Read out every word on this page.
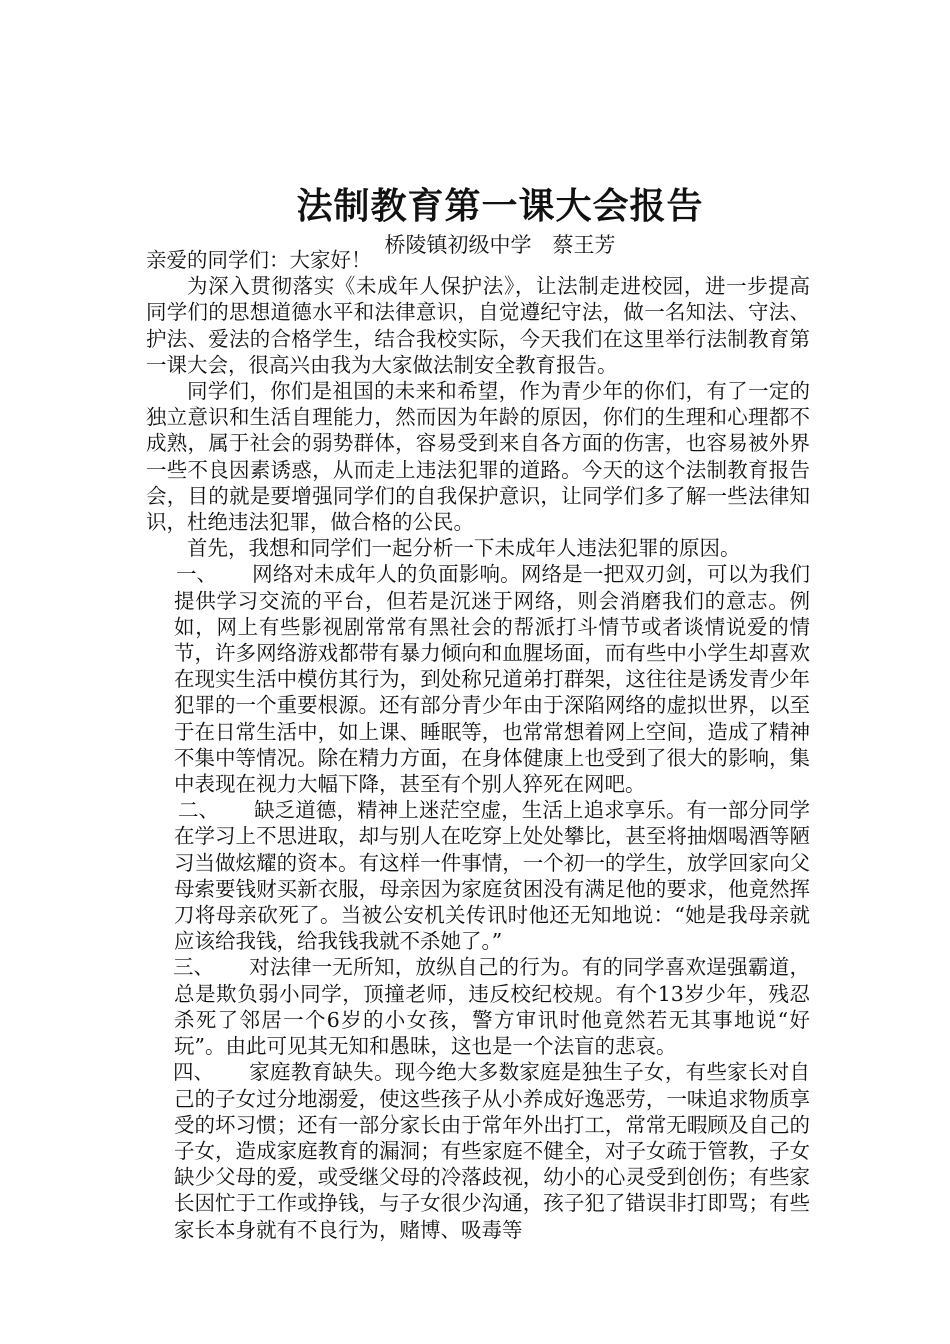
法制教育第一课大会报告
桥陵镇初级中学　蔡王芳

亲爱的同学们：大家好！

为深入贯彻落实《未成年人保护法》，让法制走进校园，进一步提高同学们的思想道德水平和法律意识，自觉遵纪守法，做一名知法、守法、护法、爱法的合格学生，结合我校实际，今天我们在这里举行法制教育第一课大会，很高兴由我为大家做法制安全教育报告。

同学们，你们是祖国的未来和希望，作为青少年的你们，有了一定的独立意识和生活自理能力，然而因为年龄的原因，你们的生理和心理都不成熟，属于社会的弱势群体，容易受到来自各方面的伤害，也容易被外界一些不良因素诱惑，从而走上违法犯罪的道路。今天的这个法制教育报告会，目的就是要增强同学们的自我保护意识，让同学们多了解一些法律知识，杜绝违法犯罪，做合格的公民。

首先，我想和同学们一起分析一下未成年人违法犯罪的原因。

一、 网络对未成年人的负面影响。网络是一把双刃剑，可以为我们提供学习交流的平台，但若是沉迷于网络，则会消磨我们的意志。例如，网上有些影视剧常常有黑社会的帮派打斗情节或者谈情说爱的情节，许多网络游戏都带有暴力倾向和血腥场面，而有些中小学生却喜欢在现实生活中模仿其行为，到处称兄道弟打群架，这往往是诱发青少年犯罪的一个重要根源。还有部分青少年由于深陷网络的虚拟世界，以至于在日常生活中，如上课、睡眠等，也常常想着网上空间，造成了精神不集中等情况。除在精力方面，在身体健康上也受到了很大的影响，集中表现在视力大幅下降，甚至有个别人猝死在网吧。

二、 缺乏道德，精神上迷茫空虚，生活上追求享乐。有一部分同学在学习上不思进取，却与别人在吃穿上处处攀比，甚至将抽烟喝酒等陋习当做炫耀的资本。有这样一件事情，一个初一的学生，放学回家向父母索要钱财买新衣服，母亲因为家庭贫困没有满足他的要求，他竟然挥刀将母亲砍死了。当被公安机关传讯时他还无知地说：“她是我母亲就应该给我钱，给我钱我就不杀她了。”

三、 对法律一无所知，放纵自己的行为。有的同学喜欢逞强霸道，总是欺负弱小同学，顶撞老师，违反校纪校规。有个13岁少年，残忍杀死了邻居一个6岁的小女孩，警方审讯时他竟然若无其事地说“好玩”。由此可见其无知和愚昧，这也是一个法盲的悲哀。

四、 家庭教育缺失。现今绝大多数家庭是独生子女，有些家长对自己的子女过分地溺爱，使这些孩子从小养成好逸恶劳，一味追求物质享受的坏习惯；还有一部分家长由于常年外出打工，常常无暇顾及自己的子女，造成家庭教育的漏洞；有些家庭不健全，对子女疏于管教，子女缺少父母的爱，或受继父母的冷落歧视，幼小的心灵受到创伤；有些家长因忙于工作或挣钱，与子女很少沟通，孩子犯了错误非打即骂；有些家长本身就有不良行为，赌博、吸毒等
